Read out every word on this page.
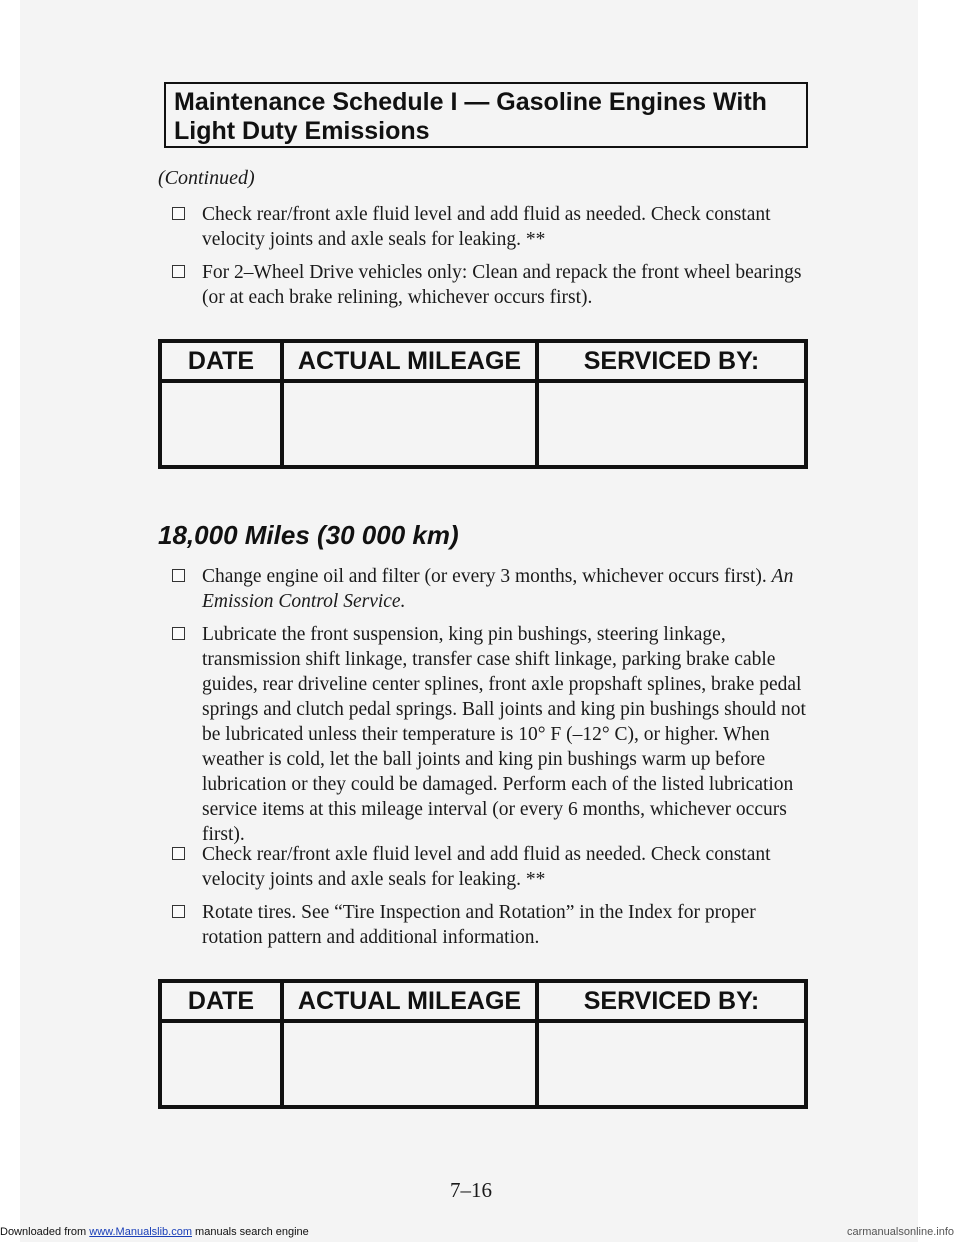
Maintenance Schedule I — Gasoline Engines With
Light Duty Emissions
(Continued)
Check rear/front axle fluid level and add fluid as needed. Check constant velocity joints and axle seals for leaking. **
For 2–Wheel Drive vehicles only: Clean and repack the front wheel bearings (or at each brake relining, whichever occurs first).
DATE	ACTUAL MILEAGE	SERVICED BY:
18,000 Miles (30 000 km)
Change engine oil and filter (or every 3 months, whichever occurs first). An Emission Control Service.
Lubricate the front suspension, king pin bushings, steering linkage, transmission shift linkage, transfer case shift linkage, parking brake cable guides, rear driveline center splines, front axle propshaft splines, brake pedal springs and clutch pedal springs. Ball joints and king pin bushings should not be lubricated unless their temperature is 10° F (–12° C), or higher. When weather is cold, let the ball joints and king pin bushings warm up before lubrication or they could be damaged. Perform each of the listed lubrication service items at this mileage interval (or every 6 months, whichever occurs first).
Check rear/front axle fluid level and add fluid as needed. Check constant velocity joints and axle seals for leaking. **
Rotate tires. See “Tire Inspection and Rotation” in the Index for proper rotation pattern and additional information.
DATE	ACTUAL MILEAGE	SERVICED BY:
7–16
Downloaded from www.Manualslib.com manuals search engine	carmanualsonline.info
